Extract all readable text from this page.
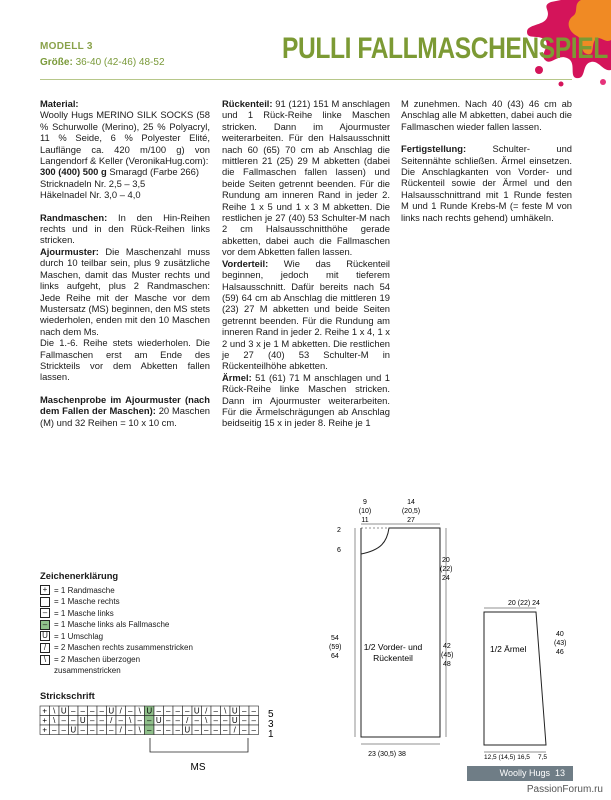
MODELL 3
Größe: 36-40 (42-46) 48-52	PULLI FALLMASCHENSPIEL

Material:

Woolly Hugs MERINO SILK SOCKS (58 % Schurwolle (Merino), 25 % Polyacryl, 11 % Seide, 6 % Polyester Elité, Lauflänge ca. 420 m/100 g) von Langendorf & Keller (VeronikaHug.com):

300 (400) 500 g Smaragd (Farbe 266)

Stricknadeln Nr. 2,5 – 3,5

Häkelnadel Nr. 3,0 – 4,0

Randmaschen: In den Hin-Reihen rechts und in den Rück-Reihen links stricken.

Ajourmuster: Die Maschenzahl muss durch 10 teilbar sein, plus 9 zusätzliche Maschen, damit das Muster rechts und links aufgeht, plus 2 Randmaschen: Jede Reihe mit der Masche vor dem Mustersatz (MS) beginnen, den MS stets wiederholen, enden mit den 10 Maschen nach dem Ms.

Die 1.-6. Reihe stets wiederholen. Die Fallmaschen erst am Ende des Strickteils vor dem Abketten fallen lassen.

Maschenprobe im Ajourmuster (nach dem Fallen der Maschen): 20 Maschen (M) und 32 Reihen = 10 x 10 cm.

Rückenteil: 91 (121) 151 M anschlagen und 1 Rück-Reihe linke Maschen stricken. Dann im Ajourmuster weiterarbeiten. Für den Halsausschnitt nach 60 (65) 70 cm ab Anschlag die mittleren 21 (25) 29 M abketten (dabei die Fallmaschen fallen lassen) und beide Seiten getrennt beenden. Für die Rundung am inneren Rand in jeder 2. Reihe 1 x 5 und 1 x 3 M abketten. Die restlichen je 27 (40) 53 Schulter-M nach 2 cm Halsausschnitthöhe gerade abketten, dabei auch die Fallmaschen vor dem Abketten fallen lassen.

Vorderteil: Wie das Rückenteil beginnen, jedoch mit tieferem Halsausschnitt. Dafür bereits nach 54 (59) 64 cm ab Anschlag die mittleren 19 (23) 27 M abketten und beide Seiten getrennt beenden. Für die Rundung am inneren Rand in jeder 2. Reihe 1 x 4, 1 x 2 und 3 x je 1 M abketten. Die restlichen je 27 (40) 53 Schulter-M in Rückenteilhöhe abketten.

Ärmel: 51 (61) 71 M anschlagen und 1 Rück-Reihe linke Maschen stricken. Dann im Ajourmuster weiterarbeiten. Für die Ärmelschrägungen ab Anschlag beidseitig 15 x in jeder 8. Reihe je 1

M zunehmen. Nach 40 (43) 46 cm ab Anschlag alle M abketten, dabei auch die Fallmaschen wieder fallen lassen.

Fertigstellung:	Schulter- und Seitennähte schließen. Ärmel einsetzen. Die Anschlagkanten von Vorder- und Rückenteil sowie der Ärmel und den Halsausschnittrand mit 1 Runde festen M und 1 Runde Krebs-M (= feste M von links nach rechts gehend) umhäkeln.

Zeichenerklärung
+ = 1 Randmasche
= 1 Masche rechts
– = 1 Masche links
– = 1 Masche links als Fallmasche
U = 1 Umschlag
/ = 2 Maschen rechts zusammenstricken
\ = 2 Maschen überzogen zusammenstricken
Strickschrift
+ \ U – – – – U / – \ U – – – – U / – \ U – –
+ \ – – U – – / – \ – – U – – / – \ – – U – –
+ – – U – – – – / – \ – – – – U – – – – / – –
5
3
1
MS
9
(10)
11
14
(20,5)
27
2
6
20
(22)
24
54
(59)
64
42
(45)
48
1/2 Vorder- und
Rückenteil
23 (30,5) 38
20 (22) 24
40
(43)
46
1/2 Ärmel
12,5 (14,5) 16,5 7,5
Woolly Hugs 13
PassionForum.ru
